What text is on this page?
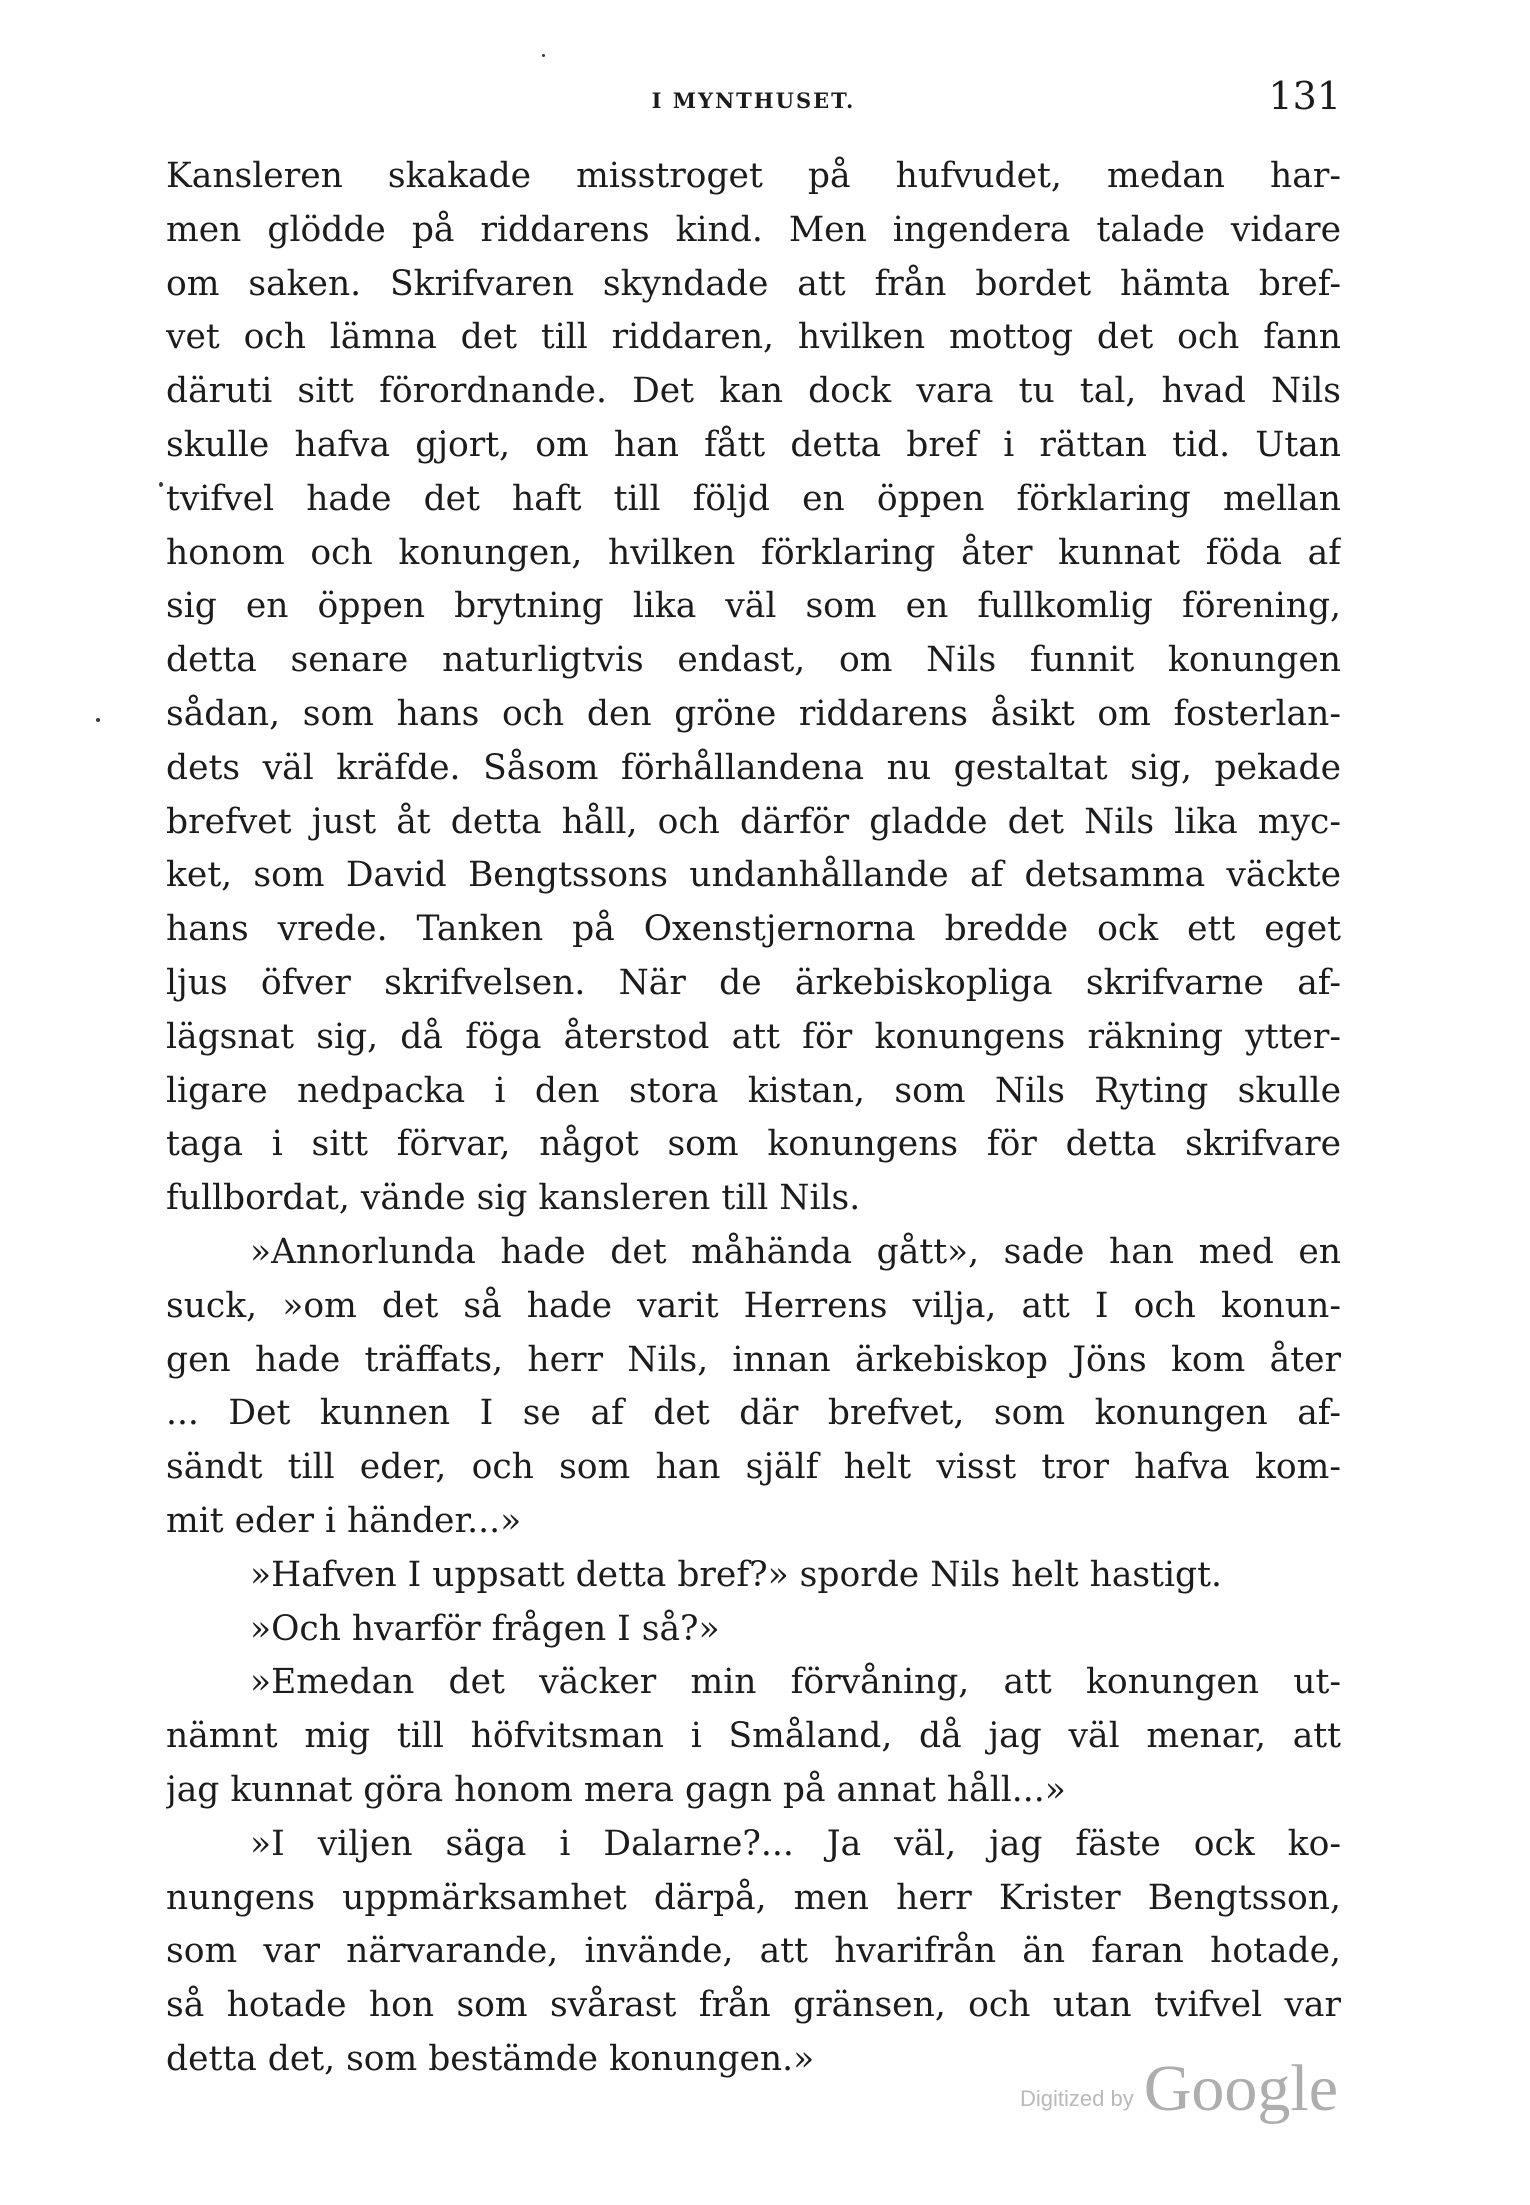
I MYNTHUSET.	131
Kansleren skakade misstroget på hufvudet, medan har-
men glödde på riddarens kind. Men ingendera talade vidare
om saken. Skrifvaren skyndade att från bordet hämta bref-
vet och lämna det till riddaren, hvilken mottog det och fann
däruti sitt förordnande. Det kan dock vara tu tal, hvad Nils
skulle hafva gjort, om han fått detta bref i rättan tid. Utan
tvifvel hade det haft till följd en öppen förklaring mellan
honom och konungen, hvilken förklaring åter kunnat föda af
sig en öppen brytning lika väl som en fullkomlig förening,
detta senare naturligtvis endast, om Nils funnit konungen
sådan, som hans och den gröne riddarens åsikt om fosterlan-
dets väl kräfde. Såsom förhållandena nu gestaltat sig, pekade
brefvet just åt detta håll, och därför gladde det Nils lika myc-
ket, som David Bengtssons undanhållande af detsamma väckte
hans vrede. Tanken på Oxenstjernorna bredde ock ett eget
ljus öfver skrifvelsen. När de ärkebiskopliga skrifvarne af-
lägsnat sig, då föga återstod att för konungens räkning ytter-
ligare nedpacka i den stora kistan, som Nils Ryting skulle
taga i sitt förvar, något som konungens för detta skrifvare
fullbordat, vände sig kansleren till Nils.
»Annorlunda hade det måhända gått», sade han med en
suck, »om det så hade varit Herrens vilja, att I och konun-
gen hade träffats, herr Nils, innan ärkebiskop Jöns kom åter
... Det kunnen I se af det där brefvet, som konungen af-
sändt till eder, och som han själf helt visst tror hafva kom-
mit eder i händer...»
»Hafven I uppsatt detta bref?» sporde Nils helt hastigt.
»Och hvarför frågen I så?»
»Emedan det väcker min förvåning, att konungen ut-
nämnt mig till höfvitsman i Småland, då jag väl menar, att
jag kunnat göra honom mera gagn på annat håll...»
»I viljen säga i Dalarne?... Ja väl, jag fäste ock ko-
nungens uppmärksamhet därpå, men herr Krister Bengtsson,
som var närvarande, invände, att hvarifrån än faran hotade,
så hotade hon som svårast från gränsen, och utan tvifvel var
detta det, som bestämde konungen.»
Digitized by Google
